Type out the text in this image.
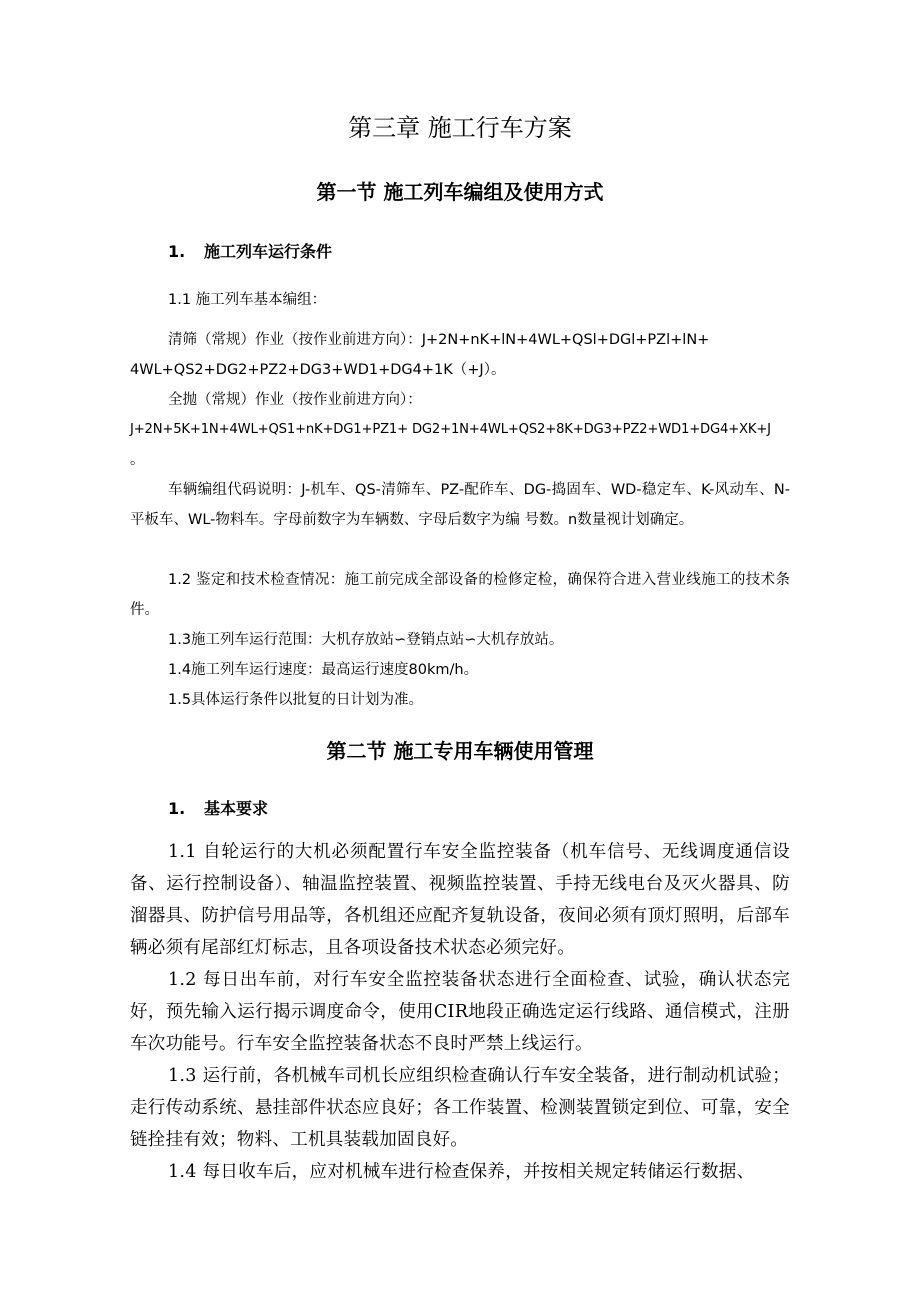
第三章 施工行车方案
第一节 施工列车编组及使用方式
1. 施工列车运行条件

1.1 施工列车基本编组：

清筛（常规）作业（按作业前进方向）：J+2N+nK+lN+4WL+QSl+DGl+PZl+lN+

4WL+QS2+DG2+PZ2+DG3+WD1+DG4+1K（+J）。

全抛（常规）作业（按作业前进方向）：

J+2N+5K+1N+4WL+QS1+nK+DG1+PZ1+ DG2+1N+4WL+QS2+8K+DG3+PZ2+WD1+DG4+XK+J

。

车辆编组代码说明：J-机车、QS-清筛车、PZ-配砟车、DG-捣固车、WD-稳定车、K-风动车、N-平板车、WL-物料车。字母前数字为车辆数、字母后数字为编 号数。n数量视计划确定。

1.2 鉴定和技术检查情况：施工前完成全部设备的检修定检，确保符合进入营业线施工的技术条件。

1.3施工列车运行范围：大机存放站∽登销点站∽大机存放站。

1.4施工列车运行速度：最高运行速度80km/h。

1.5具体运行条件以批复的日计划为准。

第二节 施工专用车辆使用管理
1. 基本要求

1.1 自轮运行的大机必须配置行车安全监控装备（机车信号、无线调度通信设备、运行控制设备）、轴温监控装置、视频监控装置、手持无线电台及灭火器具、防溜器具、防护信号用品等，各机组还应配齐复轨设备，夜间必须有顶灯照明，后部车辆必须有尾部红灯标志，且各项设备技术状态必须完好。

1.2 每日出车前，对行车安全监控装备状态进行全面检查、试验，确认状态完好，预先输入运行揭示调度命令，使用CIR地段正确选定运行线路、通信模式，注册车次功能号。行车安全监控装备状态不良时严禁上线运行。

1.3 运行前，各机械车司机长应组织检查确认行车安全装备，进行制动机试验；走行传动系统、悬挂部件状态应良好；各工作装置、检测装置锁定到位、可靠，安全链拴挂有效；物料、工机具装载加固良好。

1.4 每日收车后，应对机械车进行检查保养，并按相关规定转储运行数据、
